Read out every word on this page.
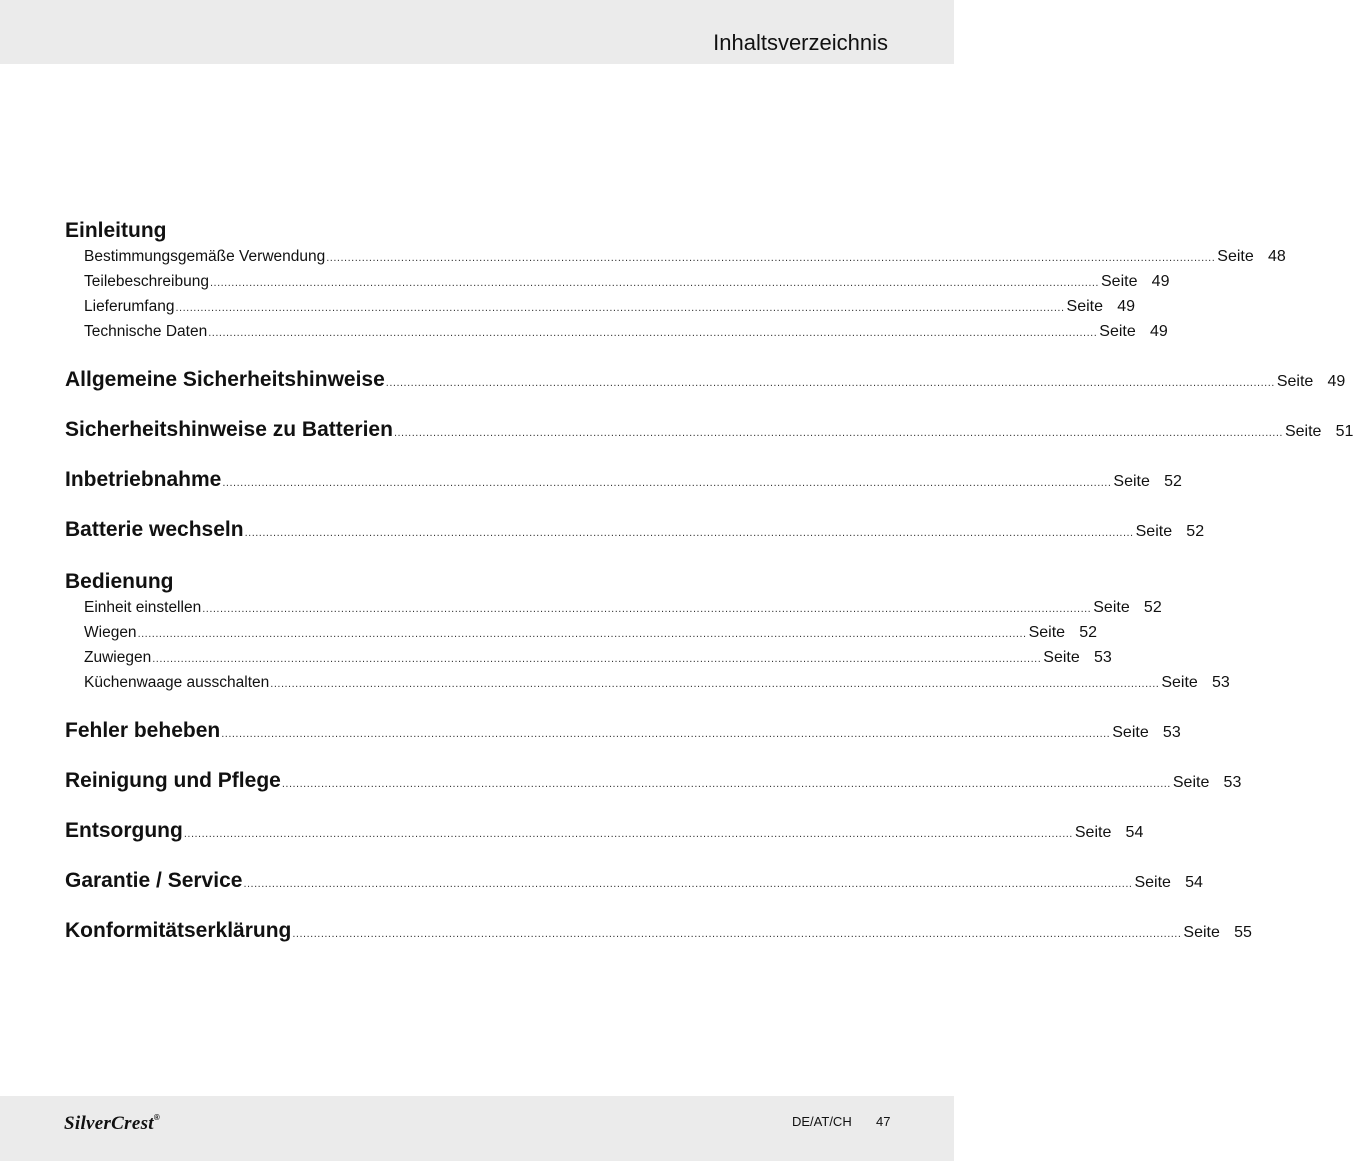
Inhaltsverzeichnis
Einleitung
Bestimmungsgemäße Verwendung .......................................................................................................................................................................................................................................................... Seite 48
Teilebeschreibung .......................................................................................................................................................................................................................................................... Seite 49
Lieferumfang .......................................................................................................................................................................................................................................................... Seite 49
Technische Daten .......................................................................................................................................................................................................................................................... Seite 49
Allgemeine Sicherheitshinweise .......................................................................................................................................................................................................................................................... Seite 49
Sicherheitshinweise zu Batterien .......................................................................................................................................................................................................................................................... Seite 51
Inbetriebnahme .......................................................................................................................................................................................................................................................... Seite 52
Batterie wechseln .......................................................................................................................................................................................................................................................... Seite 52
Bedienung
Einheit einstellen .......................................................................................................................................................................................................................................................... Seite 52
Wiegen .......................................................................................................................................................................................................................................................... Seite 52
Zuwiegen .......................................................................................................................................................................................................................................................... Seite 53
Küchenwaage ausschalten .......................................................................................................................................................................................................................................................... Seite 53
Fehler beheben .......................................................................................................................................................................................................................................................... Seite 53
Reinigung und Pflege .......................................................................................................................................................................................................................................................... Seite 53
Entsorgung .......................................................................................................................................................................................................................................................... Seite 54
Garantie / Service .......................................................................................................................................................................................................................................................... Seite 54
Konformitätserklärung .......................................................................................................................................................................................................................................................... Seite 55
SilverCrest®	DE/AT/CH 47
